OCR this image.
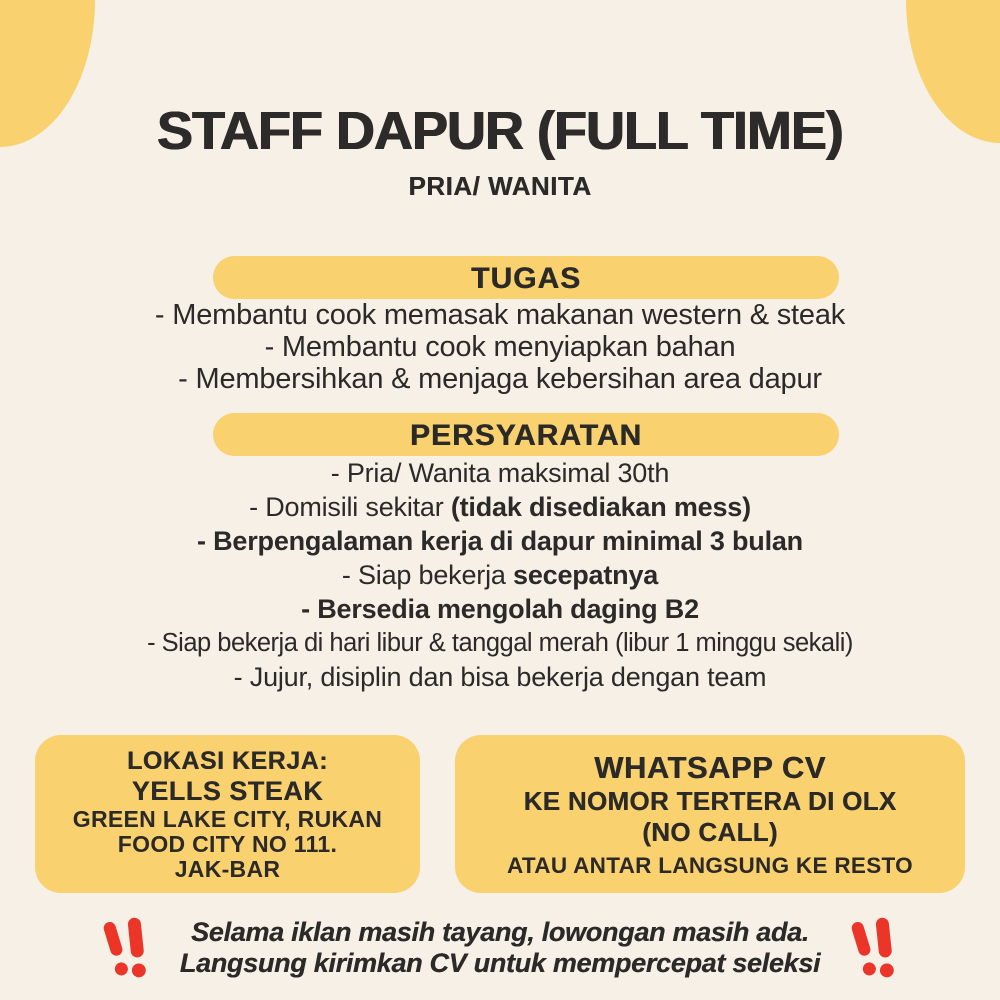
STAFF DAPUR (FULL TIME)
PRIA/ WANITA
TUGAS
- Membantu cook memasak makanan western & steak
- Membantu cook menyiapkan bahan
- Membersihkan & menjaga kebersihan area dapur
PERSYARATAN
- Pria/ Wanita maksimal 30th
- Domisili sekitar (tidak disediakan mess)
- Berpengalaman kerja di dapur minimal 3 bulan
- Siap bekerja secepatnya
- Bersedia mengolah daging B2
- Siap bekerja di hari libur & tanggal merah (libur 1 minggu sekali)
- Jujur, disiplin dan bisa bekerja dengan team
LOKASI KERJA:
YELLS STEAK
GREEN LAKE CITY, RUKAN
FOOD CITY NO 111.
JAK-BAR
WHATSAPP CV
KE NOMOR TERTERA DI OLX
(NO CALL)
ATAU ANTAR LANGSUNG KE RESTO
Selama iklan masih tayang, lowongan masih ada.
Langsung kirimkan CV untuk mempercepat seleksi
